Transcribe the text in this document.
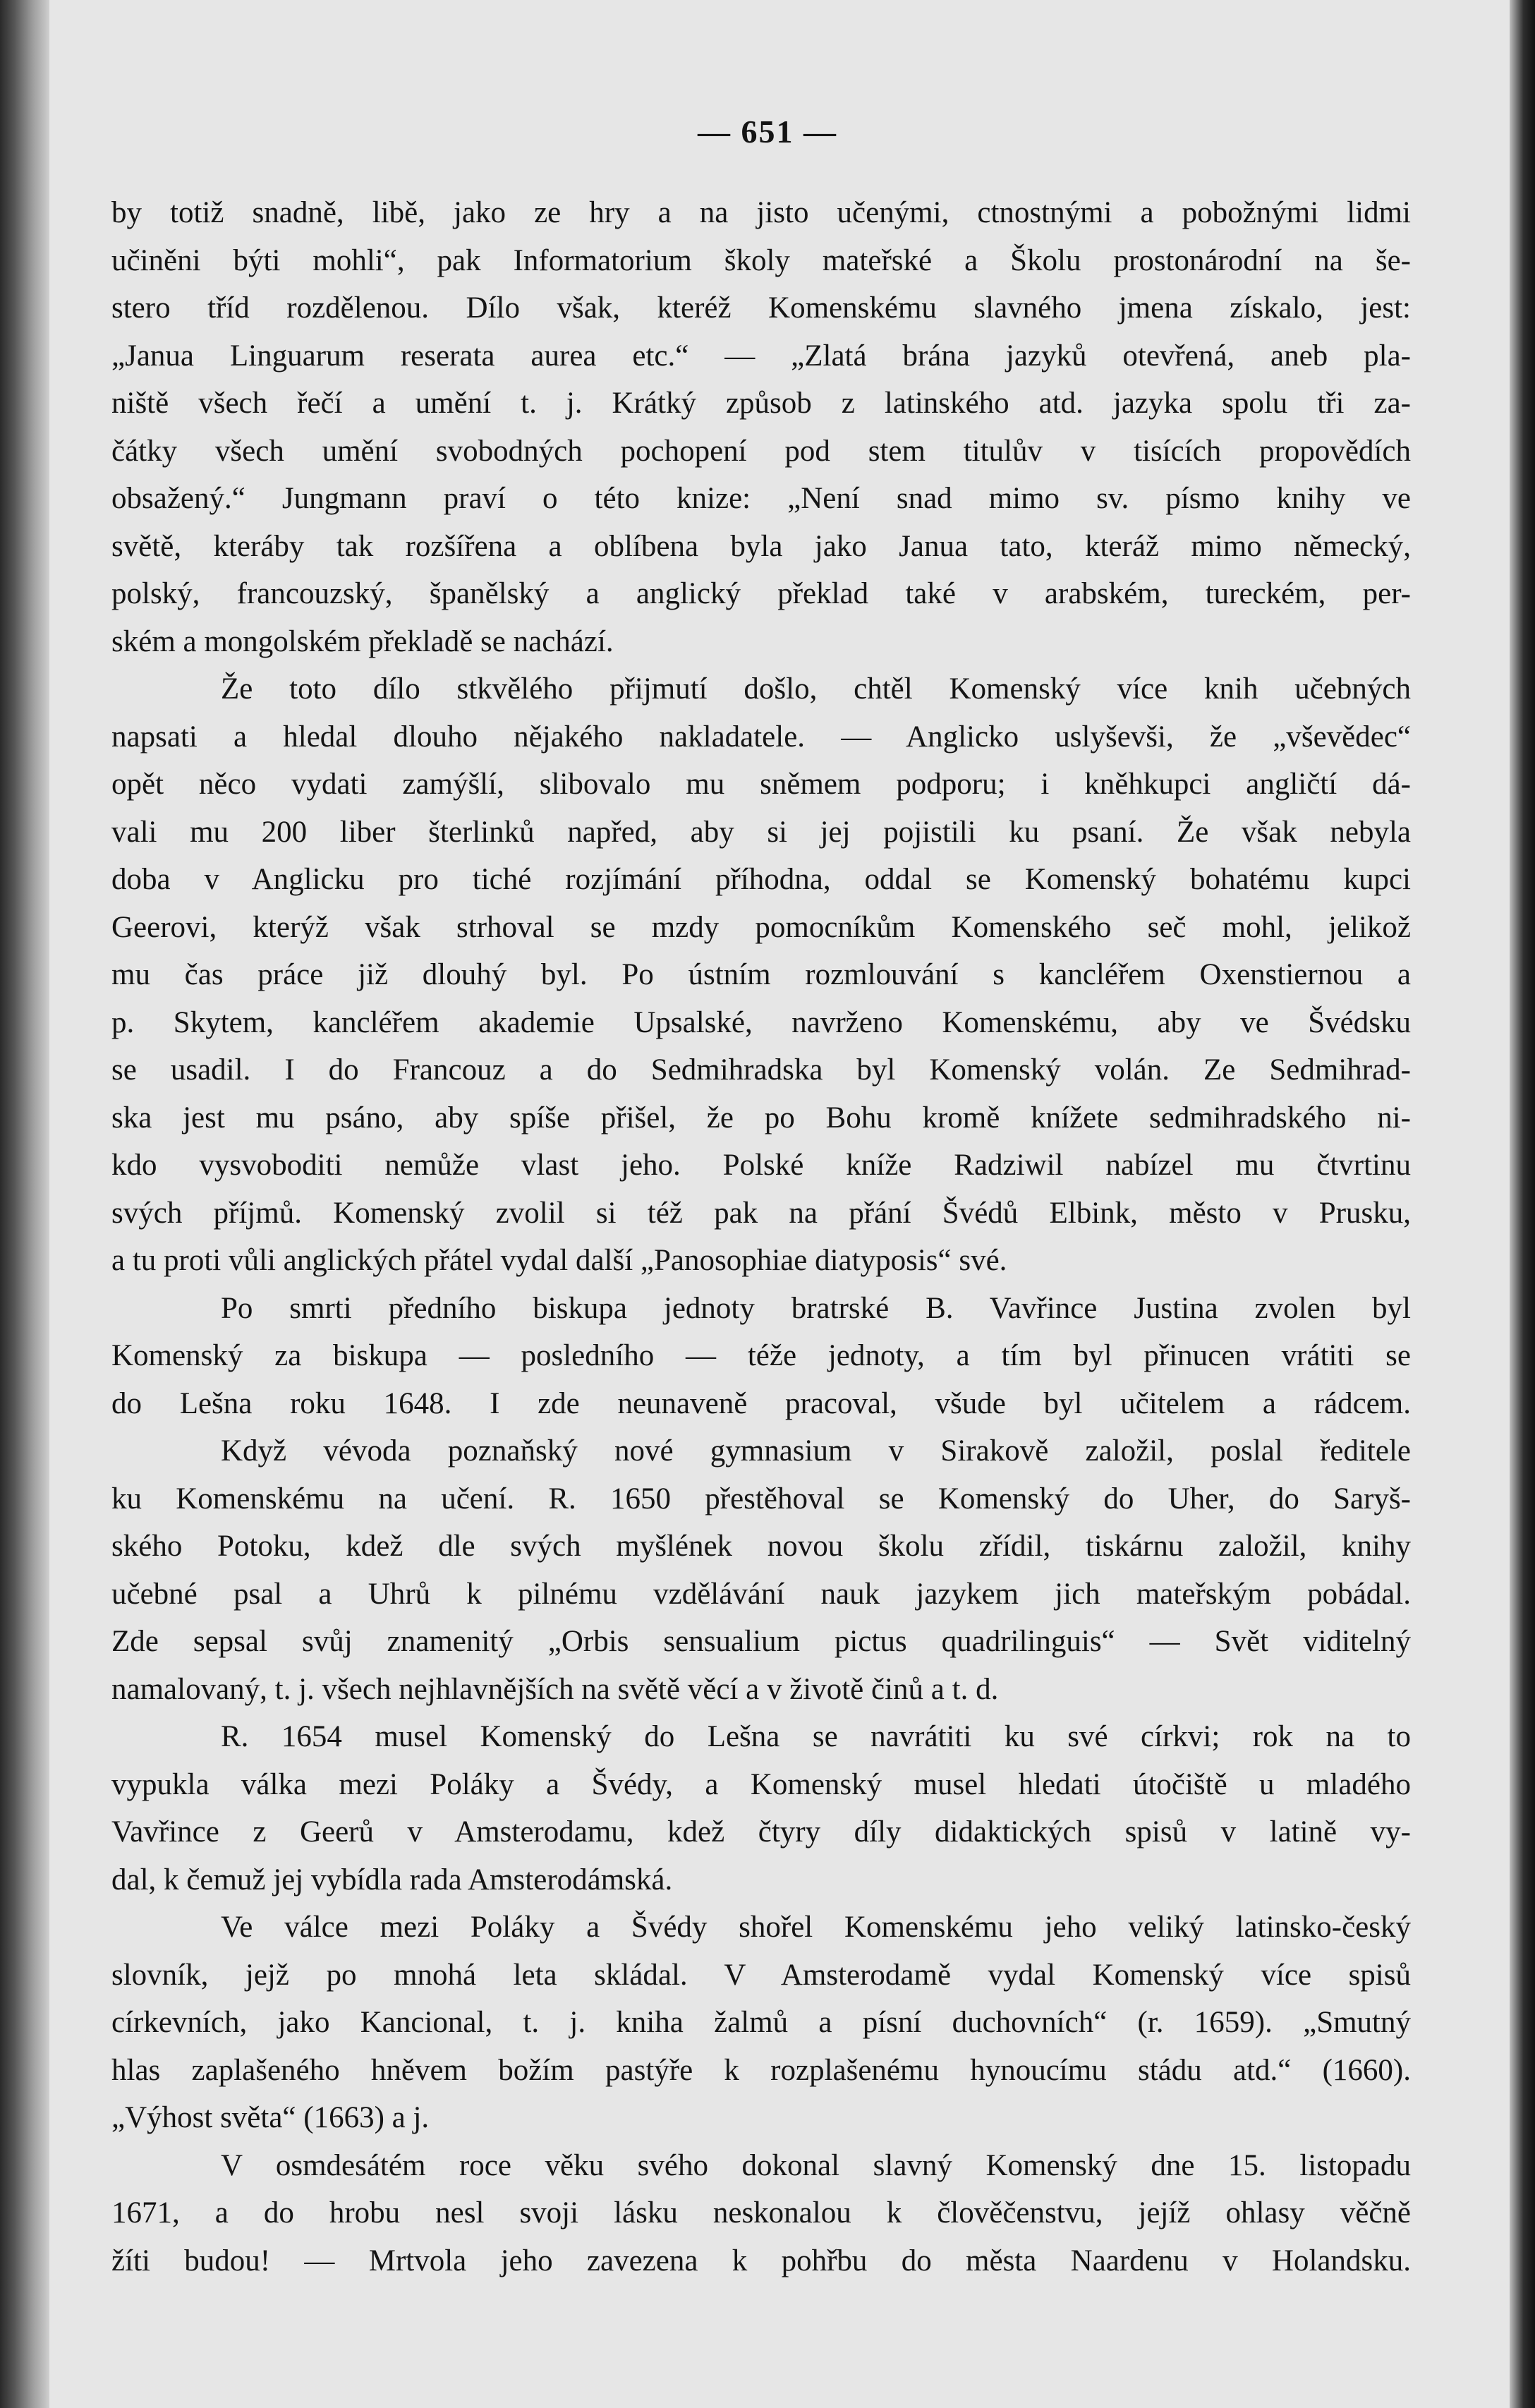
— 651 —
by totiž snadně, libě, jako ze hry a na jisto učenými, ctnostnými a pobožnými lidmi
učiněni býti mohli“, pak Informatorium školy mateřské a Školu prostonárodní na še-
stero tříd rozdělenou. Dílo však, kteréž Komenskému slavného jmena získalo, jest:
„Janua Linguarum reserata aurea etc.“ — „Zlatá brána jazyků otevřená, aneb pla-
niště všech řečí a umění t. j. Krátký způsob z latinského atd. jazyka spolu tři za-
čátky všech umění svobodných pochopení pod stem titulův v tisících propovědích
obsažený.“ Jungmann praví o této knize: „Není snad mimo sv. písmo knihy ve
světě, kteráby tak rozšířena a oblíbena byla jako Janua tato, kteráž mimo německý,
polský, francouzský, španělský a anglický překlad také v arabském, tureckém, per-
ském a mongolském překladě se nachází.
Že toto dílo stkvělého přijmutí došlo, chtěl Komenský více knih učebných
napsati a hledal dlouho nějakého nakladatele. — Anglicko uslyševši, že „vševědec“
opět něco vydati zamýšlí, slibovalo mu sněmem podporu; i kněhkupci angličtí dá-
vali mu 200 liber šterlinků napřed, aby si jej pojistili ku psaní. Že však nebyla
doba v Anglicku pro tiché rozjímání příhodna, oddal se Komenský bohatému kupci
Geerovi, kterýž však strhoval se mzdy pomocníkům Komenského seč mohl, jelikož
mu čas práce již dlouhý byl. Po ústním rozmlouvání s kancléřem Oxenstiernou a
p. Skytem, kancléřem akademie Upsalské, navrženo Komenskému, aby ve Švédsku
se usadil. I do Francouz a do Sedmihradska byl Komenský volán. Ze Sedmihrad-
ska jest mu psáno, aby spíše přišel, že po Bohu kromě knížete sedmihradského ni-
kdo vysvoboditi nemůže vlast jeho. Polské kníže Radziwil nabízel mu čtvrtinu
svých příjmů. Komenský zvolil si též pak na přání Švédů Elbink, město v Prusku,
a tu proti vůli anglických přátel vydal další „Panosophiae diatyposis“ své.
Po smrti předního biskupa jednoty bratrské B. Vavřince Justina zvolen byl
Komenský za biskupa — posledního — téže jednoty, a tím byl přinucen vrátiti se
do Lešna roku 1648. I zde neunaveně pracoval, všude byl učitelem a rádcem.
Když vévoda poznaňský nové gymnasium v Sirakově založil, poslal ředitele
ku Komenskému na učení. R. 1650 přestěhoval se Komenský do Uher, do Saryš-
ského Potoku, kdež dle svých myšlének novou školu zřídil, tiskárnu založil, knihy
učebné psal a Uhrů k pilnému vzdělávání nauk jazykem jich mateřským pobádal.
Zde sepsal svůj znamenitý „Orbis sensualium pictus quadrilinguis“ — Svět viditelný
namalovaný, t. j. všech nejhlavnějších na světě věcí a v životě činů a t. d.
R. 1654 musel Komenský do Lešna se navrátiti ku své církvi; rok na to
vypukla válka mezi Poláky a Švédy, a Komenský musel hledati útočiště u mladého
Vavřince z Geerů v Amsterodamu, kdež čtyry díly didaktických spisů v latině vy-
dal, k čemuž jej vybídla rada Amsterodámská.
Ve válce mezi Poláky a Švédy shořel Komenskému jeho veliký latinsko-český
slovník, jejž po mnohá leta skládal. V Amsterodamě vydal Komenský více spisů
církevních, jako Kancional, t. j. kniha žalmů a písní duchovních“ (r. 1659). „Smutný
hlas zaplašeného hněvem božím pastýře k rozplašenému hynoucímu stádu atd.“ (1660).
„Výhost světa“ (1663) a j.
V osmdesátém roce věku svého dokonal slavný Komenský dne 15. listopadu
1671, a do hrobu nesl svoji lásku neskonalou k člověčenstvu, jejíž ohlasy věčně
žíti budou! — Mrtvola jeho zavezena k pohřbu do města Naardenu v Holandsku.
